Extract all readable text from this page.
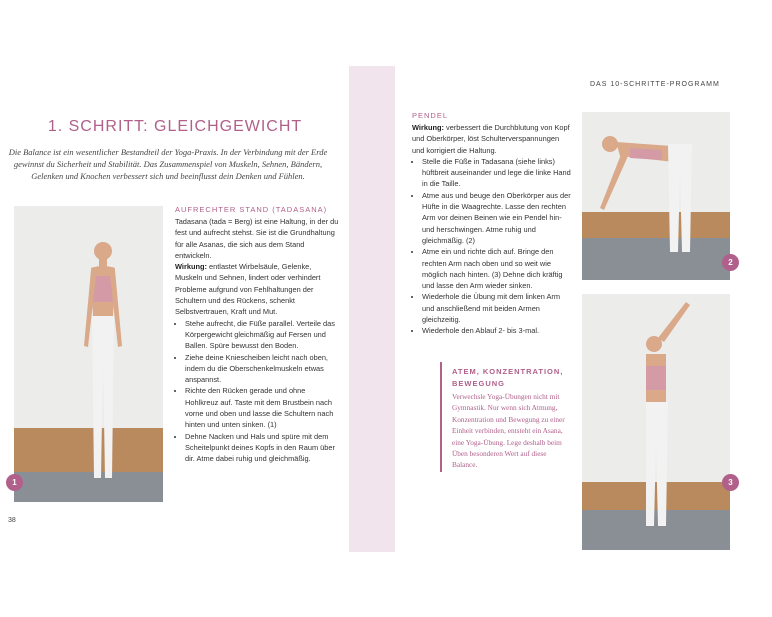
DAS 10-SCHRITTE-PROGRAMM
1. SCHRITT: GLEICHGEWICHT
Die Balance ist ein wesentlicher Bestandteil der Yoga-Praxis. In der Verbindung mit der Erde gewinnst du Sicherheit und Stabilität. Das Zusammenspiel von Muskeln, Sehnen, Bändern, Gelenken und Knochen verbessert sich und beeinflusst dein Denken und Fühlen.
1
AUFRECHTER STAND (TADASANA)
Tadasana (tada = Berg) ist eine Haltung, in der du fest und aufrecht stehst. Sie ist die Grundhaltung für alle Asanas, die sich aus dem Stand entwickeln.
Wirkung: entlastet Wirbelsäule, Gelenke, Muskeln und Sehnen, lindert oder verhindert Probleme aufgrund von Fehlhaltungen der Schultern und des Rückens, schenkt Selbstvertrauen, Kraft und Mut.
• Stehe aufrecht, die Füße parallel. Verteile das Körpergewicht gleichmäßig auf Fersen und Ballen. Spüre bewusst den Boden.
• Ziehe deine Kniescheiben leicht nach oben, indem du die Oberschenkelmuskeln etwas anspannst.
• Richte den Rücken gerade und ohne Hohlkreuz auf. Taste mit dem Brustbein nach vorne und oben und lasse die Schultern nach hinten und unten sinken. (1)
• Dehne Nacken und Hals und spüre mit dem Scheitelpunkt deines Kopfs in den Raum über dir. Atme dabei ruhig und gleichmäßig.
38
PENDEL
Wirkung: verbessert die Durchblutung von Kopf und Oberkörper, löst Schulterverspannungen und korrigiert die Haltung.
• Stelle die Füße in Tadasana (siehe links) hüftbreit auseinander und lege die linke Hand in die Taille.
• Atme aus und beuge den Oberkörper aus der Hüfte in die Waagrechte. Lasse den rechten Arm vor deinen Beinen wie ein Pendel hin- und herschwingen. Atme ruhig und gleichmäßig. (2)
• Atme ein und richte dich auf. Bringe den rechten Arm nach oben und so weit wie möglich nach hinten. (3) Dehne dich kräftig und lasse den Arm wieder sinken.
• Wiederhole die Übung mit dem linken Arm und anschließend mit beiden Armen gleichzeitig.
• Wiederhole den Ablauf 2- bis 3-mal.
ATEM, KONZENTRATION, BEWEGUNG
Verwechsle Yoga-Übungen nicht mit Gymnastik. Nur wenn sich Atmung, Konzentration und Bewegung zu einer Einheit verbinden, entsteht ein Asana, eine Yoga-Übung. Lege deshalb beim Üben besonderen Wert auf diese Balance.
2
3
